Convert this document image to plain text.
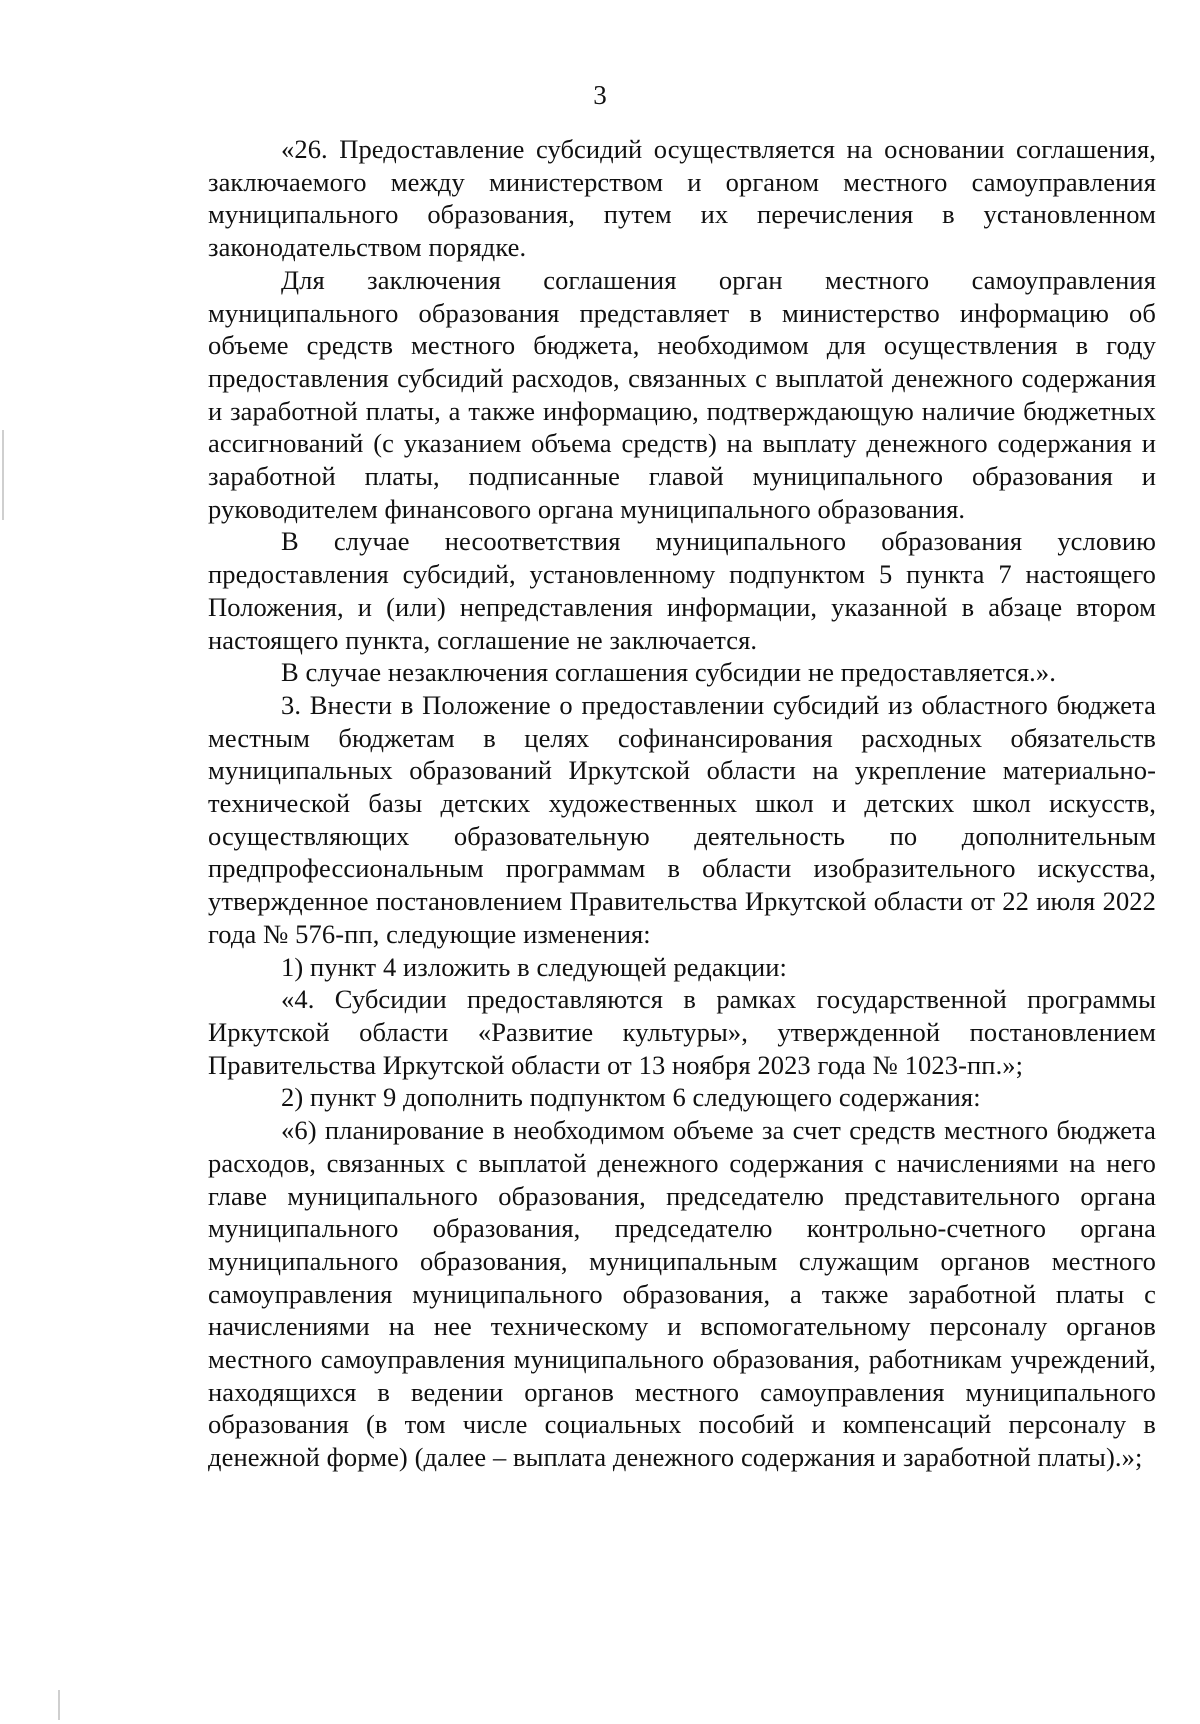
3

«26. Предоставление субсидий осуществляется на основании соглашения, заключаемого между министерством и органом местного самоуправления муниципального образования, путем их перечисления в установленном законодательством порядке.

Для заключения соглашения орган местного самоуправления муниципального образования представляет в министерство информацию об объеме средств местного бюджета, необходимом для осуществления в году предоставления субсидий расходов, связанных с выплатой денежного содержания и заработной платы, а также информацию, подтверждающую наличие бюджетных ассигнований (с указанием объема средств) на выплату денежного содержания и заработной платы, подписанные главой муниципального образования и руководителем финансового органа муниципального образования.

В случае несоответствия муниципального образования условию предоставления субсидий, установленному подпунктом 5 пункта 7 настоящего Положения, и (или) непредставления информации, указанной в абзаце втором настоящего пункта, соглашение не заключается.

В случае незаключения соглашения субсидии не предоставляется.».

3. Внести в Положение о предоставлении субсидий из областного бюджета местным бюджетам в целях софинансирования расходных обязательств муниципальных образований Иркутской области на укрепление материально-технической базы детских художественных школ и детских школ искусств, осуществляющих образовательную деятельность по дополнительным предпрофессиональным программам в области изобразительного искусства, утвержденное постановлением Правительства Иркутской области от 22 июля 2022 года № 576-пп, следующие изменения:

1) пункт 4 изложить в следующей редакции:

«4. Субсидии предоставляются в рамках государственной программы Иркутской области «Развитие культуры», утвержденной постановлением Правительства Иркутской области от 13 ноября 2023 года № 1023-пп.»;

2) пункт 9 дополнить подпунктом 6 следующего содержания:

«6) планирование в необходимом объеме за счет средств местного бюджета расходов, связанных с выплатой денежного содержания с начислениями на него главе муниципального образования, председателю представительного органа муниципального образования, председателю контрольно-счетного органа муниципального образования, муниципальным служащим органов местного самоуправления муниципального образования, а также заработной платы с начислениями на нее техническому и вспомогательному персоналу органов местного самоуправления муниципального образования, работникам учреждений, находящихся в ведении органов местного самоуправления муниципального образования (в том числе социальных пособий и компенсаций персоналу в денежной форме) (далее – выплата денежного содержания и заработной платы).»;
